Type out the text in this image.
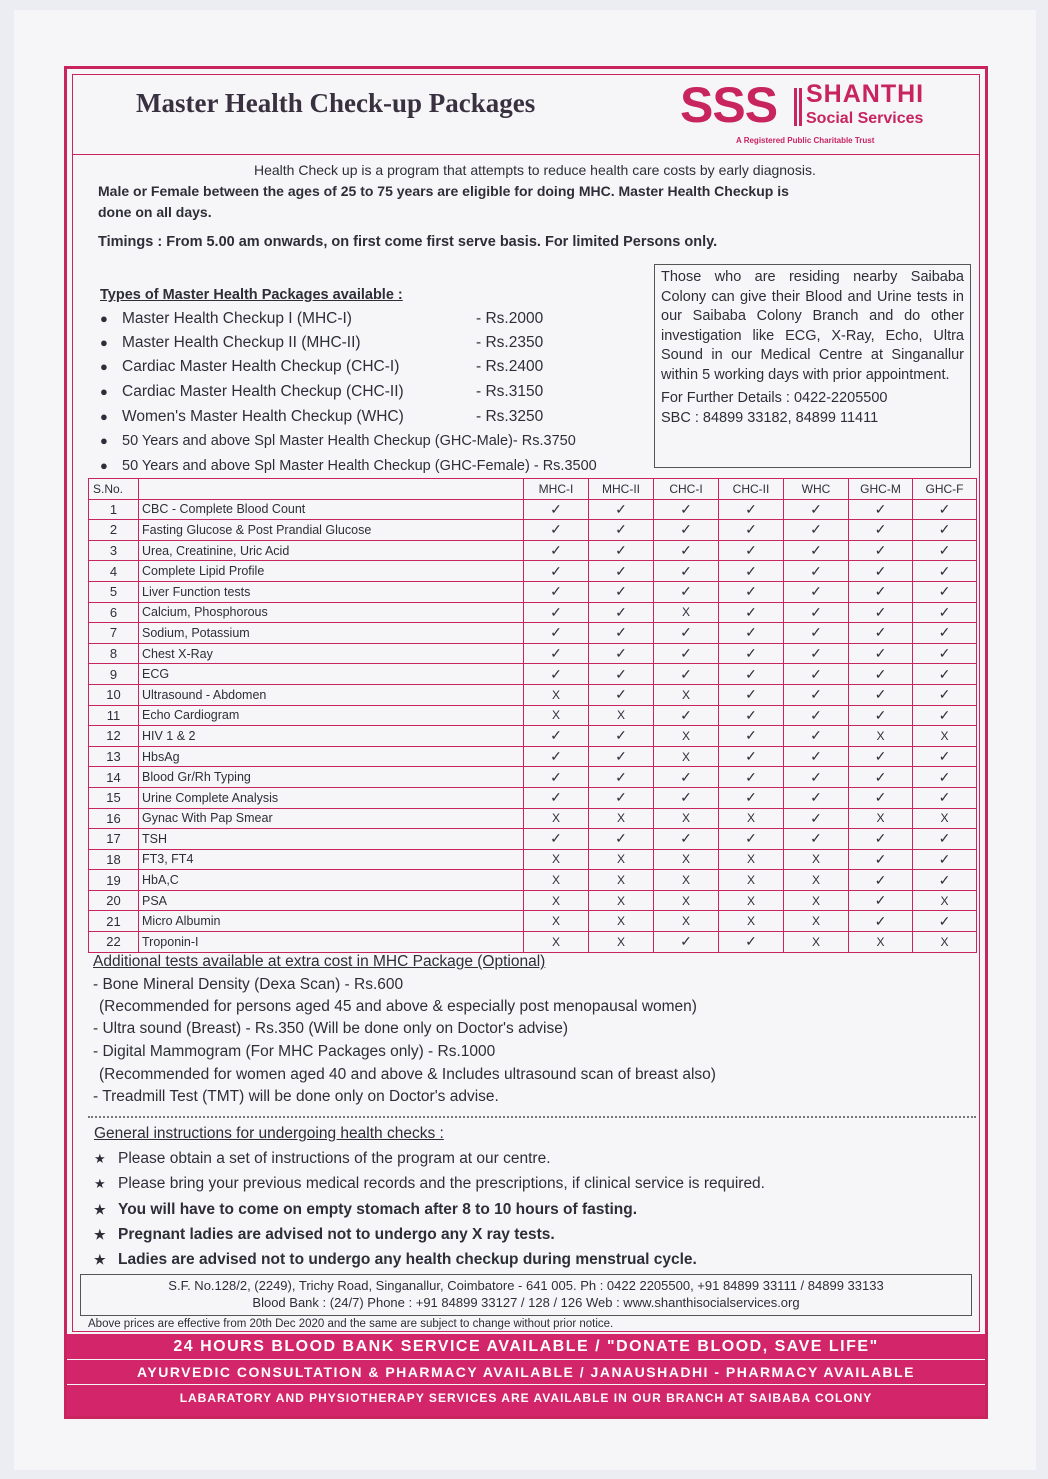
Master Health Check-up Packages	SSS SHANTHI
Social Services
A Registered Public Charitable Trust
Health Check up is a program that attempts to reduce health care costs by early diagnosis.
Male or Female between the ages of 25 to 75 years are eligible for doing MHC. Master Health Checkup is
done on all days.
Timings : From 5.00 am onwards, on first come first serve basis. For limited Persons only.
Those who are residing nearby Saibaba Colony can give their Blood and Urine tests in our Saibaba Colony Branch and do other investigation like ECG, X-Ray, Echo, Ultra Sound in our Medical Centre at Singanallur within 5 working days with prior appointment.
For Further Details : 0422-2205500
SBC : 84899 33182, 84899 11411
Types of Master Health Packages available :
● Master Health Checkup I (MHC-I)	- Rs.2000
● Master Health Checkup II (MHC-II)	- Rs.2350
● Cardiac Master Health Checkup (CHC-I)	- Rs.2400
● Cardiac Master Health Checkup (CHC-II)	- Rs.3150
● Women's Master Health Checkup (WHC)	- Rs.3250
● 50 Years and above Spl Master Health Checkup (GHC-Male)- Rs.3750
● 50 Years and above Spl Master Health Checkup (GHC-Female) - Rs.3500
S.No.		MHC-I	MHC-II	CHC-I	CHC-II	WHC	GHC-M	GHC-F
1	CBC - Complete Blood Count	✓	✓	✓	✓	✓	✓	✓
2	Fasting Glucose & Post Prandial Glucose	✓	✓	✓	✓	✓	✓	✓
3	Urea, Creatinine, Uric Acid	✓	✓	✓	✓	✓	✓	✓
4	Complete Lipid Profile	✓	✓	✓	✓	✓	✓	✓
5	Liver Function tests	✓	✓	✓	✓	✓	✓	✓
6	Calcium, Phosphorous	✓	✓	X	✓	✓	✓	✓
7	Sodium, Potassium	✓	✓	✓	✓	✓	✓	✓
8	Chest X-Ray	✓	✓	✓	✓	✓	✓	✓
9	ECG	✓	✓	✓	✓	✓	✓	✓
10	Ultrasound - Abdomen	X	✓	X	✓	✓	✓	✓
11	Echo Cardiogram	X	X	✓	✓	✓	✓	✓
12	HIV 1 & 2	✓	✓	X	✓	✓	X	X
13	HbsAg	✓	✓	X	✓	✓	✓	✓
14	Blood Gr/Rh Typing	✓	✓	✓	✓	✓	✓	✓
15	Urine Complete Analysis	✓	✓	✓	✓	✓	✓	✓
16	Gynac With Pap Smear	X	X	X	X	✓	X	X
17	TSH	✓	✓	✓	✓	✓	✓	✓
18	FT3, FT4	X	X	X	X	X	✓	✓
19	HbA,C	X	X	X	X	X	✓	✓
20	PSA	X	X	X	X	X	✓	X
21	Micro Albumin	X	X	X	X	X	✓	✓
22	Troponin-I	X	X	✓	✓	X	X	X
Additional tests available at extra cost in MHC Package (Optional)
- Bone Mineral Density (Dexa Scan) - Rs.600
(Recommended for persons aged 45 and above & especially post menopausal women)
- Ultra sound (Breast) - Rs.350 (Will be done only on Doctor's advise)
- Digital Mammogram (For MHC Packages only) - Rs.1000
(Recommended for women aged 40 and above & Includes ultrasound scan of breast also)
- Treadmill Test (TMT) will be done only on Doctor's advise.
General instructions for undergoing health checks :
★ Please obtain a set of instructions of the program at our centre.
★ Please bring your previous medical records and the prescriptions, if clinical service is required.
★ You will have to come on empty stomach after 8 to 10 hours of fasting.
★ Pregnant ladies are advised not to undergo any X ray tests.
★ Ladies are advised not to undergo any health checkup during menstrual cycle.
S.F. No.128/2, (2249), Trichy Road, Singanallur, Coimbatore - 641 005. Ph : 0422 2205500, +91 84899 33111 / 84899 33133
Blood Bank : (24/7) Phone : +91 84899 33127 / 128 / 126 Web : www.shanthisocialservices.org
Above prices are effective from 20th Dec 2020 and the same are subject to change without prior notice.
24 HOURS BLOOD BANK SERVICE AVAILABLE / "DONATE BLOOD, SAVE LIFE"
AYURVEDIC CONSULTATION & PHARMACY AVAILABLE / JANAUSHADHI - PHARMACY AVAILABLE
LABARATORY AND PHYSIOTHERAPY SERVICES ARE AVAILABLE IN OUR BRANCH AT SAIBABA COLONY
